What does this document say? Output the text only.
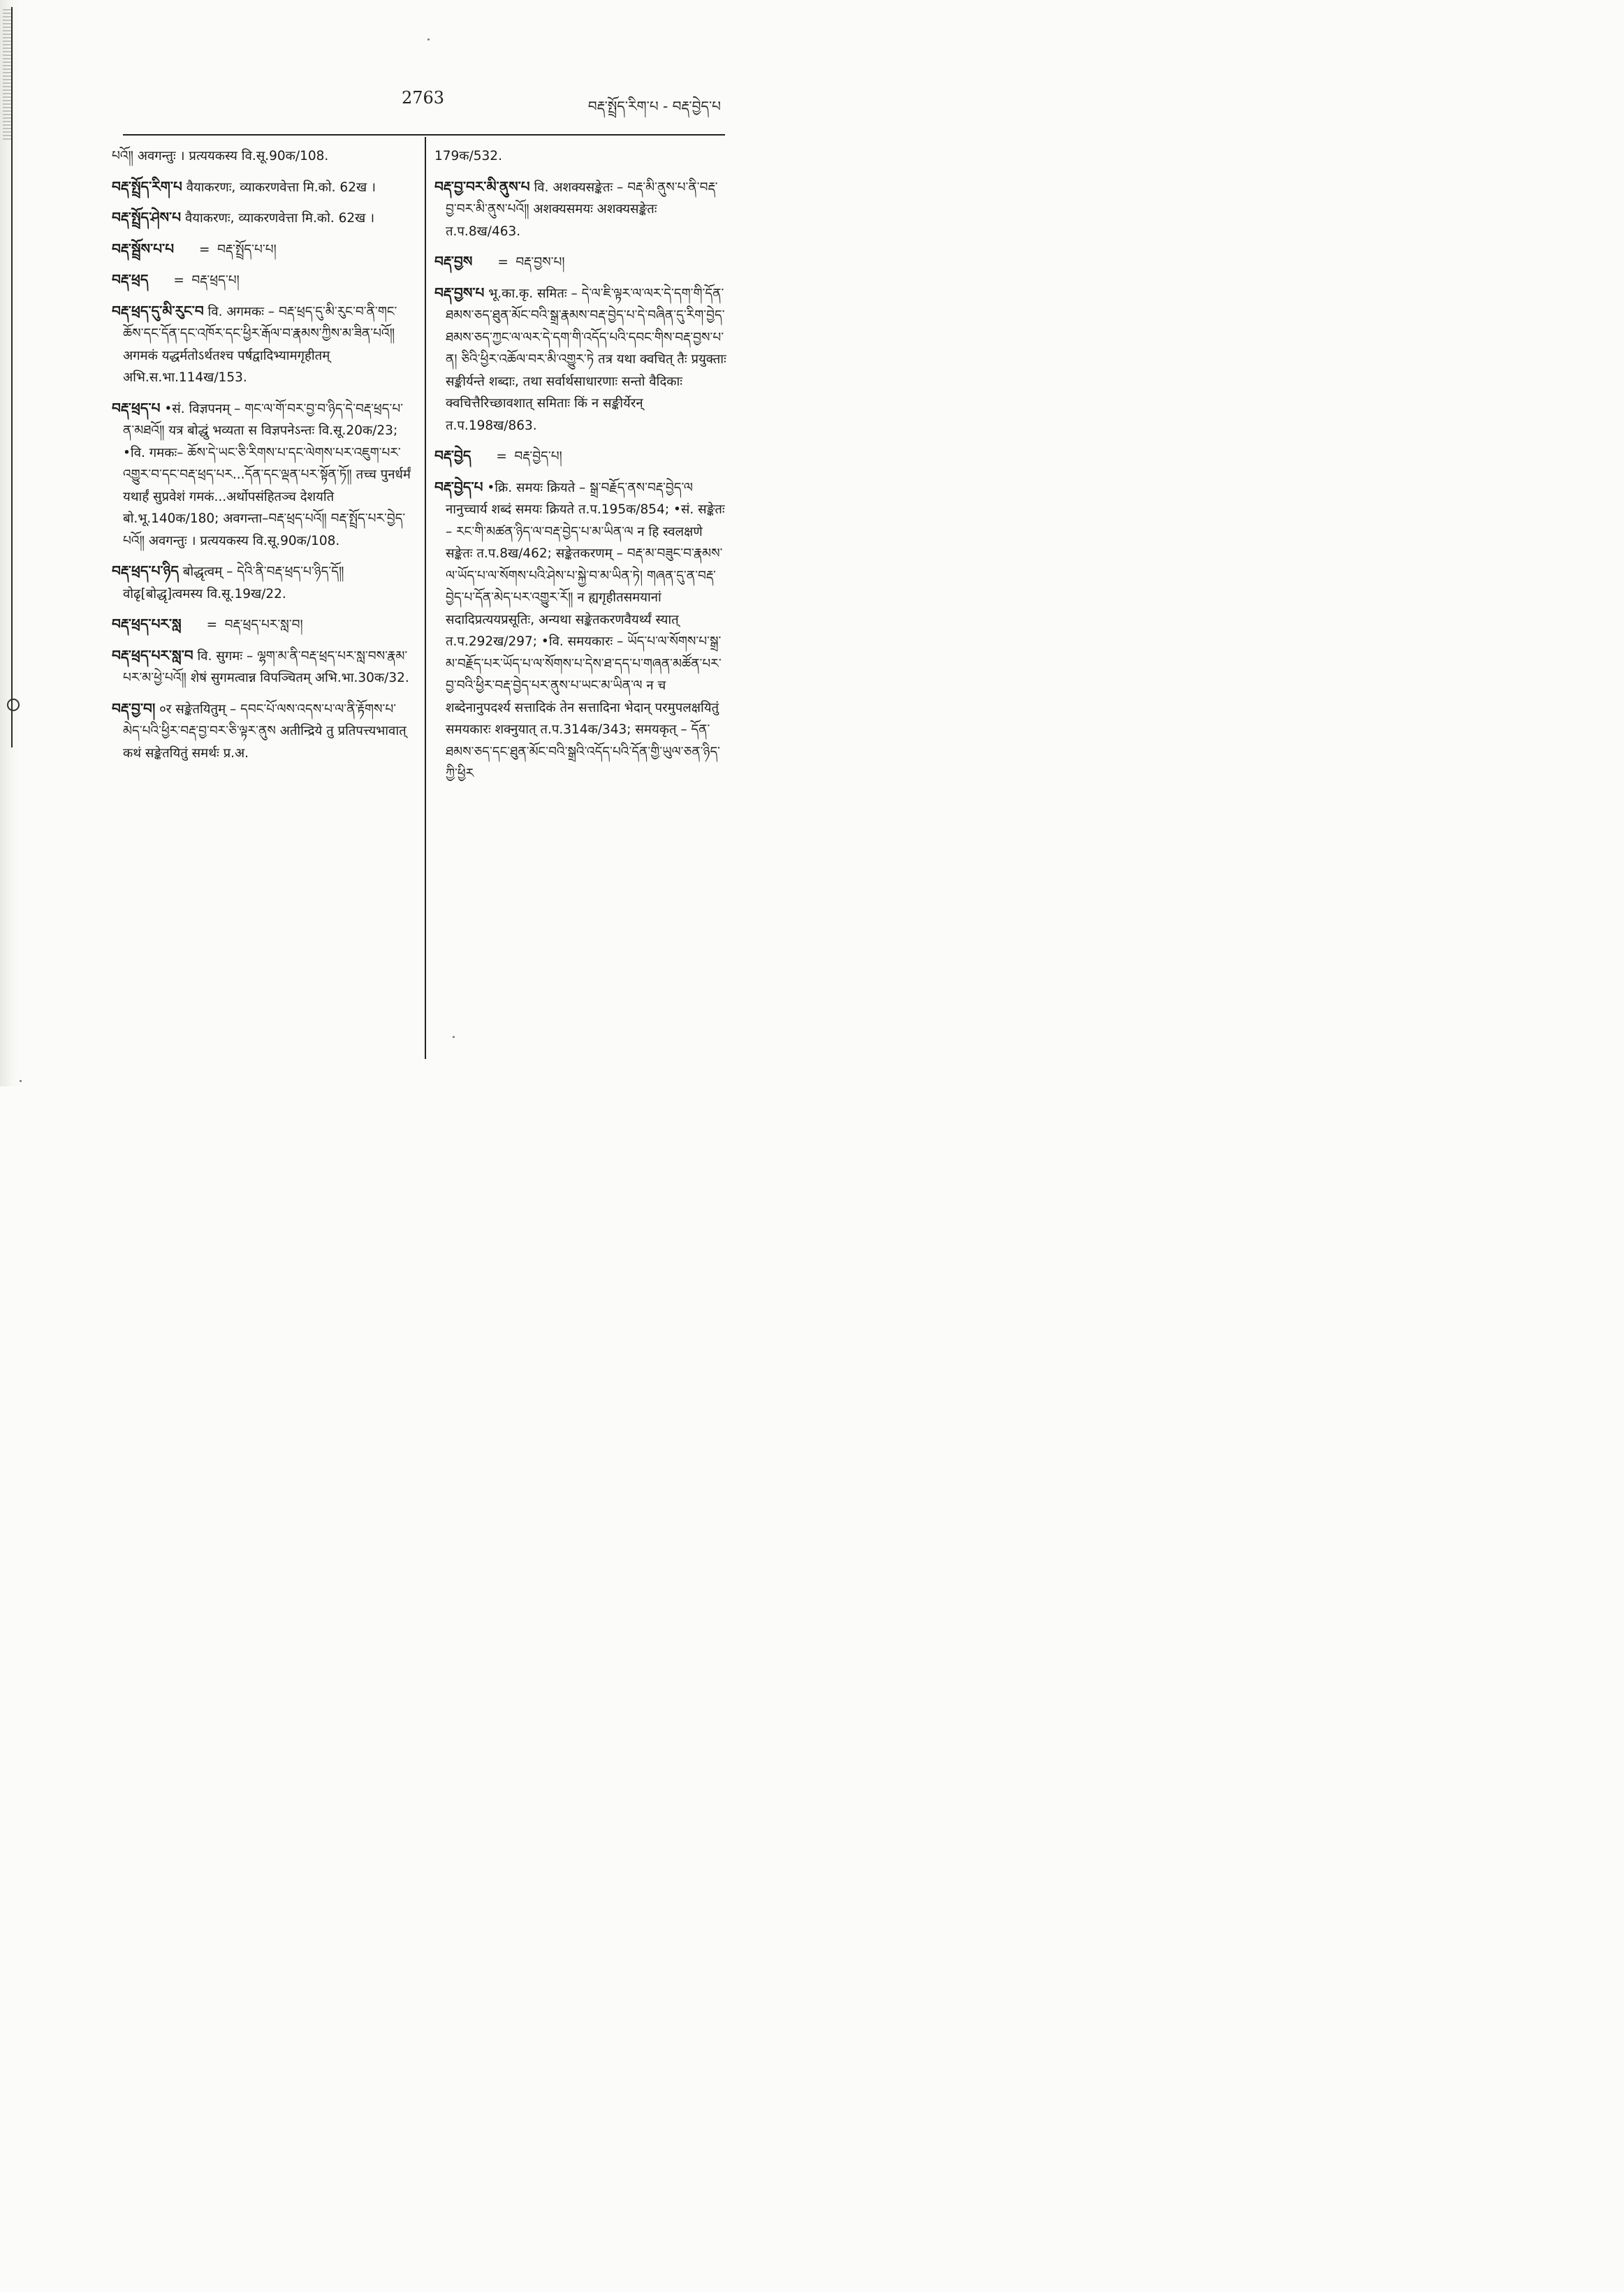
2763	བརྡ་སྤྲོད་རིག་པ - བརྡ་བྱེད་པ

པའོ༎ अवगन्तुः । प्रत्ययकस्य वि.सू.90क/108.

བརྡ་སྤྲོད་རིག་པ वैयाकरणः, व्याकरणवेत्ता मि.को. 62ख ।

བརྡ་སྤྲོད་ཤེས་པ वैयाकरणः, व्याकरणवेत्ता मि.को. 62ख ।

བརྡ་སྦྲོས་པ་པ = བརྡ་སྤྲོད་པ་པ།

བརྡ་ཕྲད = བརྡ་ཕྲད་པ།

བརྡ་ཕྲད་དུ་མི་རུང་བ वि. अगमकः – བརྡ་ཕྲད་དུ་མི་རུང་བ་ནི་གང་ཆོས་དང་དོན་དང་འཁོར་དང་ཕྱིར་རྒོལ་བ་རྣམས་ཀྱིས་མ་ཟིན་པའོ༎ अगमकं यद्धर्मतोऽर्थतश्च पर्षद्वादिभ्यामगृहीतम् अभि.स.भा.114ख/153.

བརྡ་ཕྲད་པ •सं. विज्ञपनम् – གང་ལ་གོ་བར་བྱ་བ་ཉིད་དེ་བརྡ་ཕྲད་པ་ན་མཐའོ༎ यत्र बोद्धुं भव्यता स विज्ञपनेऽन्तः वि.सू.20क/23; •वि. गमकः– ཆོས་དེ་ཡང་ཅི་རིགས་པ་དང་ལེགས་པར་འཇུག་པར་འགྱུར་བ་དང་བརྡ་ཕྲད་པར...དོན་དང་ལྡན་པར་སྟོན་ཏོ༎ तच्च पुनर्धर्मं यथार्हं सुप्रवेशं गमकं...अर्थोपसंहितञ्च देशयति बो.भू.140क/180; अवगन्ता–བརྡ་ཕྲད་པའོ༎ བརྡ་སྤྲོད་པར་བྱེད་པའོ༎ अवगन्तुः । प्रत्ययकस्य वि.सू.90क/108.

བརྡ་ཕྲད་པ་ཉིད बोद्धृत्वम् – དེའི་ནི་བརྡ་ཕྲད་པ་ཉིད་དོ༎ वोढृ[बोद्धृ]त्वमस्य वि.सू.19ख/22.

བརྡ་ཕྲད་པར་སླ = བརྡ་ཕྲད་པར་སླ་བ།

བརྡ་ཕྲད་པར་སླ་བ वि. सुगमः – ལྷག་མ་ནི་བརྡ་ཕྲད་པར་སླ་བས་རྣམ་པར་མ་ཕྱེ་པའོ༎ शेषं सुगमत्वान्न विपञ्चितम् अभि.भा.30क/32.

བརྡ་བྱ་བ། ०र सङ्केतयितुम् – དབང་པོ་ལས་འདས་པ་ལ་ནི་རྟོགས་པ་མེད་པའི་ཕྱིར་བརྡ་བྱ་བར་ཅི་ལྟར་ནུས अतीन्द्रिये तु प्रतिपत्त्यभावात् कथं सङ्केतयितुं समर्थः प्र.अ.

179क/532.

བརྡ་བྱ་བར་མི་ནུས་པ वि. अशक्यसङ्केतः – བརྡ་མི་ནུས་པ་ནི་བརྡ་བྱ་བར་མི་ནུས་པའོ༎ अशक्यसमयः अशक्यसङ्केतः त.प.8ख/463.

བརྡ་བྱས = བརྡ་བྱས་པ།

བརྡ་བྱས་པ भू.का.कृ. समितः – དེ་ལ་ཇི་ལྟར་ལ་ལར་དེ་དག་གི་དོན་ཐམས་ཅད་ཐུན་མོང་བའི་སྒྲ་རྣམས་བརྡ་བྱེད་པ་དེ་བཞིན་དུ་རིག་བྱེད་ཐམས་ཅད་ཀྱང་ལ་ལར་དེ་དག་གི་འདོད་པའི་དབང་གིས་བརྡ་བྱས་པ་ན། ཅིའི་ཕྱིར་འཆོལ་བར་མི་འགྱུར་ཏེ तत्र यथा क्वचित् तैः प्रयुक्ताः सङ्कीर्यन्ते शब्दाः, तथा सर्वार्थसाधारणाः सन्तो वैदिकाः क्वचित्तैरिच्छावशात् समिताः किं न सङ्कीर्येरन् त.प.198ख/863.

བརྡ་བྱེད = བརྡ་བྱེད་པ།

བརྡ་བྱེད་པ •क्रि. समयः क्रियते – སྒྲ་བརྗོད་ནས་བརྡ་བྱེད་ལ नानुच्चार्य शब्दं समयः क्रियते त.प.195क/854; •सं. सङ्केतः – རང་གི་མཚན་ཉིད་ལ་བརྡ་བྱེད་པ་མ་ཡིན་ལ न हि स्वलक्षणे सङ्केतः त.प.8ख/462; सङ्केतकरणम् – བརྡ་མ་བཟུང་བ་རྣམས་ལ་ཡོད་པ་ལ་སོགས་པའི་ཤེས་པ་སྐྱེ་བ་མ་ཡིན་ཏེ། གཞན་དུ་ན་བརྡ་བྱེད་པ་དོན་མེད་པར་འགྱུར་རོ༎ न ह्यगृहीतसमयानां सदादिप्रत्ययप्रसूतिः, अन्यथा सङ्केतकरणवैयर्थ्यं स्यात् त.प.292ख/297; •वि. समयकारः – ཡོད་པ་ལ་སོགས་པ་སྒྲ་མ་བརྗོད་པར་ཡོད་པ་ལ་སོགས་པ་དེས་ཐ་དད་པ་གཞན་མཚོན་པར་བྱ་བའི་ཕྱིར་བརྡ་བྱེད་པར་ནུས་པ་ཡང་མ་ཡིན་ལ न च शब्देनानुपदर्श्य सत्तादिकं तेन सत्तादिना भेदान् परमुपलक्षयितुं समयकारः शक्नुयात् त.प.314क/343; समयकृत् – དོན་ཐམས་ཅད་དང་ཐུན་མོང་བའི་སྒྲའི་འདོད་པའི་དོན་གྱི་ཡུལ་ཅན་ཉིད་ཀྱི་ཕྱིར
